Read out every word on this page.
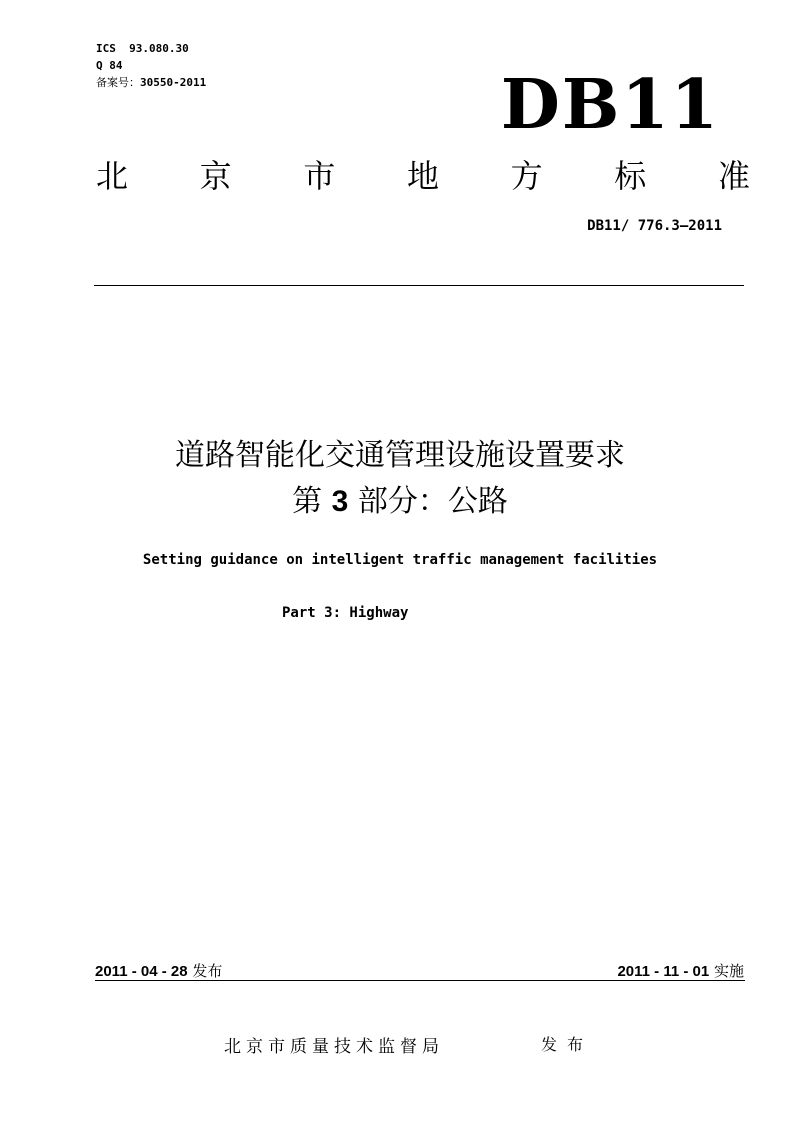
ICS  93.080.30
Q 84
备案号：30550-2011	DB11
北 京 市 地 方 标 准
DB11/ 776.3—2011
道路智能化交通管理设施设置要求
第 3 部分：公路
Setting guidance on intelligent traffic management facilities
Part 3: Highway
2011 - 04 - 28 发布	2011 - 11 - 01 实施
北京市质量技术监督局	发布
